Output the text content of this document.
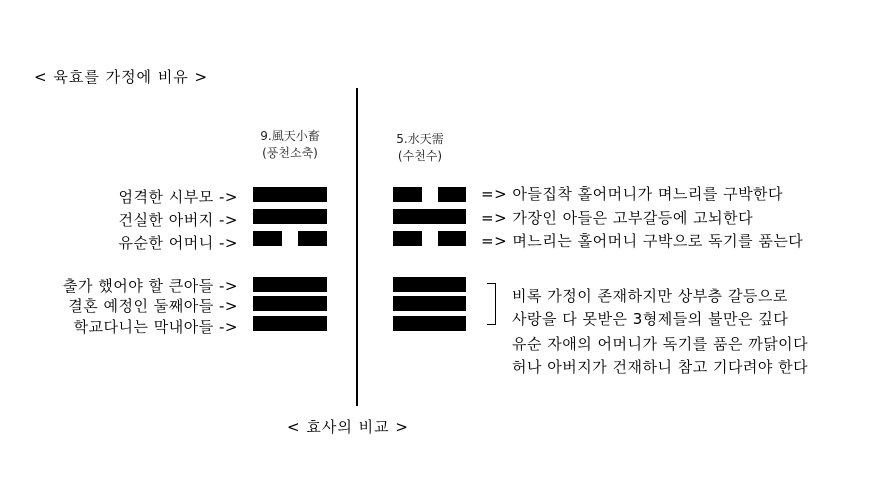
< 육효를 가정에 비유 >
9.風天小畜
(풍천소축)
5.水天需
(수천수)
엄격한 시부모 ->
건실한 아버지 ->
유순한 어머니 ->
출가 했어야 할 큰아들 ->
결혼 예정인 둘째아들 ->
학교다니는 막내아들 ->
=> 아들집착 홀어머니가 며느리를 구박한다
=> 가장인 아들은 고부갈등에 고뇌한다
=> 며느리는 홀어머니 구박으로 독기를 품는다
비록 가정이 존재하지만 상부층 갈등으로
사랑을 다 못받은 3형제들의 불만은 깊다
유순 자애의 어머니가 독기를 품은 까닭이다
허나 아버지가 건재하니 참고 기다려야 한다
< 효사의 비교 >
